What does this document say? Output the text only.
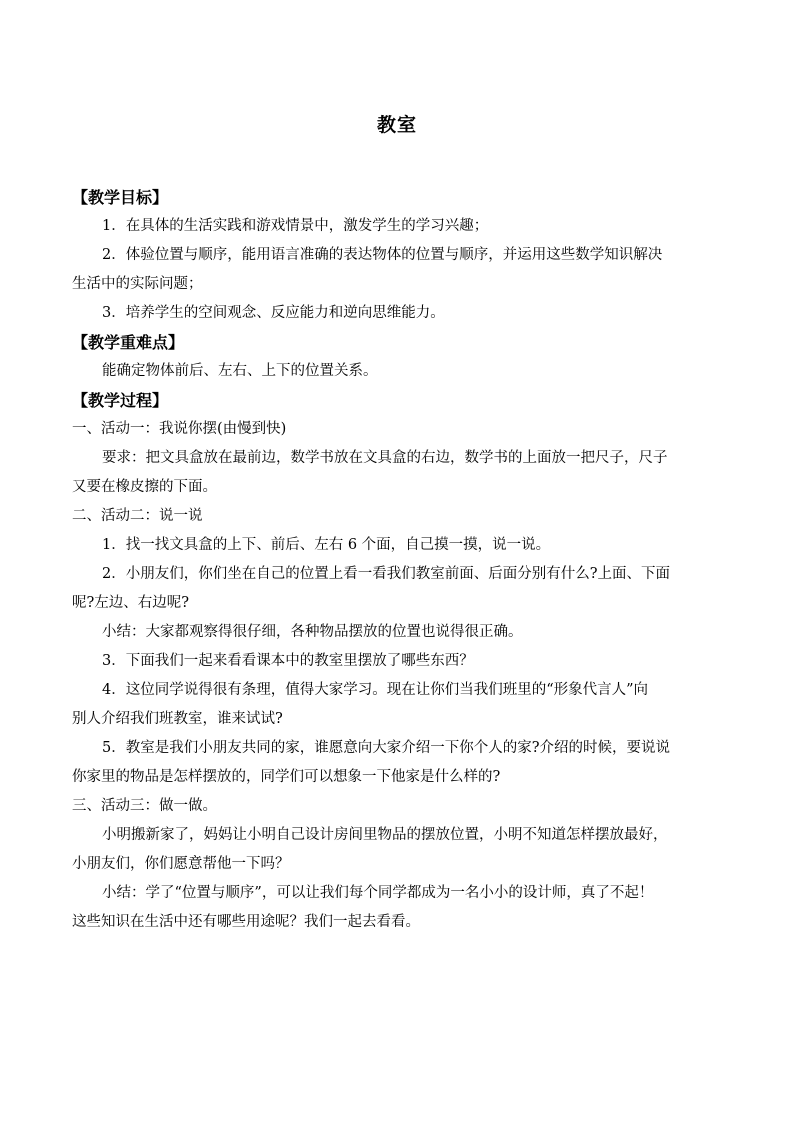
教室
【教学目标】
1．在具体的生活实践和游戏情景中，激发学生的学习兴趣；
2．体验位置与顺序，能用语言准确的表达物体的位置与顺序，并运用这些数学知识解决
生活中的实际问题；
3．培养学生的空间观念、反应能力和逆向思维能力。
【教学重难点】
能确定物体前后、左右、上下的位置关系。
【教学过程】
一、活动一：我说你摆(由慢到快)
要求：把文具盒放在最前边，数学书放在文具盒的右边，数学书的上面放一把尺子，尺子
又要在橡皮擦的下面。
二、活动二：说一说
1．找一找文具盒的上下、前后、左右 6 个面，自己摸一摸，说一说。
2．小朋友们，你们坐在自己的位置上看一看我们教室前面、后面分别有什么?上面、下面
呢?左边、右边呢?
小结：大家都观察得很仔细，各种物品摆放的位置也说得很正确。
3．下面我们一起来看看课本中的教室里摆放了哪些东西？
4．这位同学说得很有条理，值得大家学习。现在让你们当我们班里的“形象代言人”向
别人介绍我们班教室，谁来试试?
5．教室是我们小朋友共同的家，谁愿意向大家介绍一下你个人的家?介绍的时候，要说说
你家里的物品是怎样摆放的，同学们可以想象一下他家是什么样的?
三、活动三：做一做。
小明搬新家了，妈妈让小明自己设计房间里物品的摆放位置，小明不知道怎样摆放最好，
小朋友们，你们愿意帮他一下吗？
小结：学了“位置与顺序”，可以让我们每个同学都成为一名小小的设计师，真了不起！
这些知识在生活中还有哪些用途呢？我们一起去看看。
